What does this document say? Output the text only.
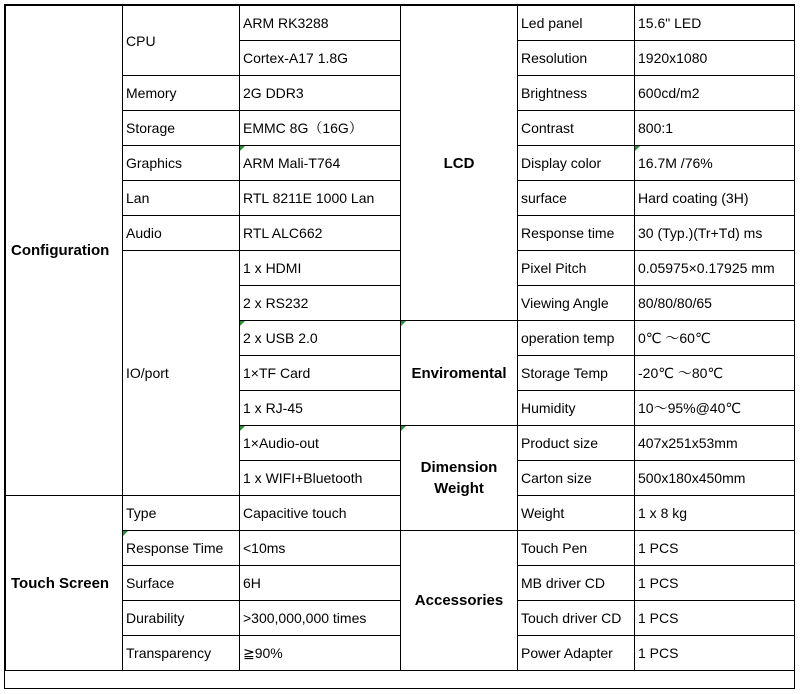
Configuration	CPU	ARM RK3288	LCD	Led panel	15.6" LED
		Cortex-A17 1.8G		Resolution	1920x1080
	Memory	2G DDR3		Brightness	600cd/m2
	Storage	EMMC 8G（16G）		Contrast	800:1
	Graphics	ARM Mali-T764		Display color	16.7M /76%
	Lan	RTL 8211E 1000 Lan		surface	Hard coating (3H)
	Audio	RTL ALC662		Response time	30 (Typ.)(Tr+Td) ms
	IO/port	1 x HDMI		Pixel Pitch	0.05975×0.17925 mm
		2 x RS232		Viewing Angle	80/80/80/65
		2 x USB 2.0	Enviromental	operation temp	0℃ ～60℃
		1×TF Card		Storage Temp	-20℃ ～80℃
		1 x RJ-45		Humidity	10～95%@40℃
		1×Audio-out	Dimension Weight	Product size	407x251x53mm
		1 x WIFI+Bluetooth		Carton size	500x180x450mm
Touch Screen	Type	Capacitive touch		Weight	1 x 8 kg
	Response Time	<10ms	Accessories	Touch Pen	1 PCS
	Surface	6H		MB driver CD	1 PCS
	Durability	>300,000,000 times		Touch driver CD	1 PCS
	Transparency	≧90%		Power Adapter	1 PCS
